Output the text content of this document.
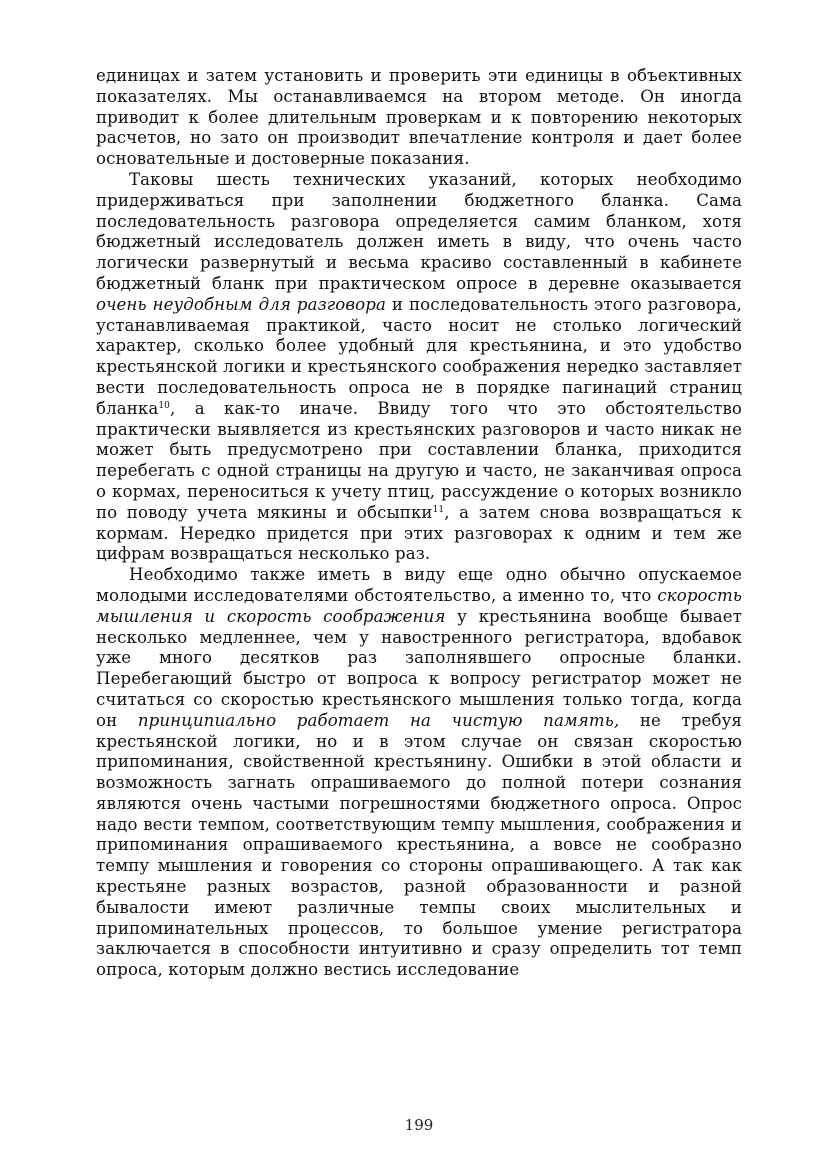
единицах и затем установить и проверить эти единицы в объективных показателях. Мы останавливаемся на втором методе. Он иногда приводит к более длительным проверкам и к повторению некоторых расчетов, но зато он производит впечатление контроля и дает более основательные и достоверные показания.

Таковы шесть технических указаний, которых необходимо придерживаться при заполнении бюджетного бланка. Сама последовательность разговора определяется самим бланком, хотя бюджетный исследователь должен иметь в виду, что очень часто логически развернутый и весьма красиво составленный в кабинете бюджетный бланк при практическом опросе в деревне оказывается очень неудобным для разговора и последовательность этого разговора, устанавливаемая практикой, часто носит не столько логический характер, сколько более удобный для крестьянина, и это удобство крестьянской логики и крестьянского соображения нередко заставляет вести последовательность опроса не в порядке пагинаций страниц бланка$^{10}$, а как-то иначе. Ввиду того что это обстоятельство практически выявляется из крестьянских разговоров и часто никак не может быть предусмотрено при составлении бланка, приходится перебегать с одной страницы на другую и часто, не заканчивая опроса о кормах, переноситься к учету птиц, рассуждение о которых возникло по поводу учета мякины и обсыпки$^{11}$, а затем снова возвращаться к кормам. Нередко придется при этих разговорах к одним и тем же цифрам возвращаться несколько раз.

Необходимо также иметь в виду еще одно обычно опускаемое молодыми исследователями обстоятельство, а именно то, что скорость мышления и скорость соображения у крестьянина вообще бывает несколько медленнее, чем у навостренного регистратора, вдобавок уже много десятков раз заполнявшего опросные бланки. Перебегающий быстро от вопроса к вопросу регистратор может не считаться со скоростью крестьянского мышления только тогда, когда он принципиально работает на чистую память, не требуя крестьянской логики, но и в этом случае он связан скоростью припоминания, свойственной крестьянину. Ошибки в этой области и возможность загнать опрашиваемого до полной потери сознания являются очень частыми погрешностями бюджетного опроса. Опрос надо вести темпом, соответствующим темпу мышления, соображения и припоминания опрашиваемого крестьянина, а вовсе не сообразно темпу мышления и говорения со стороны опрашивающего. А так как крестьяне разных возрастов, разной образованности и разной бывалости имеют различные темпы своих мыслительных и припоминательных процессов, то большое умение регистратора заключается в способности интуитивно и сразу определить тот темп опроса, которым должно вестись исследование

199
